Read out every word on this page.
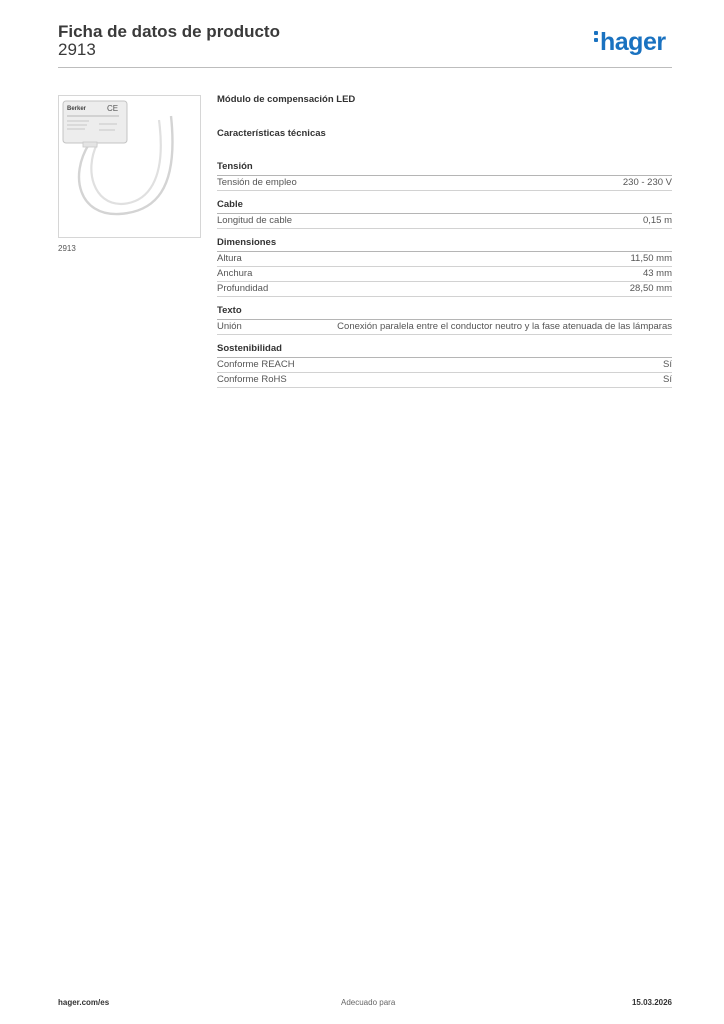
Ficha de datos de producto
2913	hager
Berker	CE
2913
Módulo de compensación LED
Características técnicas
Tensión
Tensión de empleo	230 - 230 V
Cable
Longitud de cable	0,15 m
Dimensiones
Altura	11,50 mm
Anchura	43 mm
Profundidad	28,50 mm
Texto
Unión	Conexión paralela entre el conductor neutro y la fase atenuada de las lámparas
Sostenibilidad
Conforme REACH	Sí
Conforme RoHS	Sí
hager.com/es	Adecuado para	15.03.2026
